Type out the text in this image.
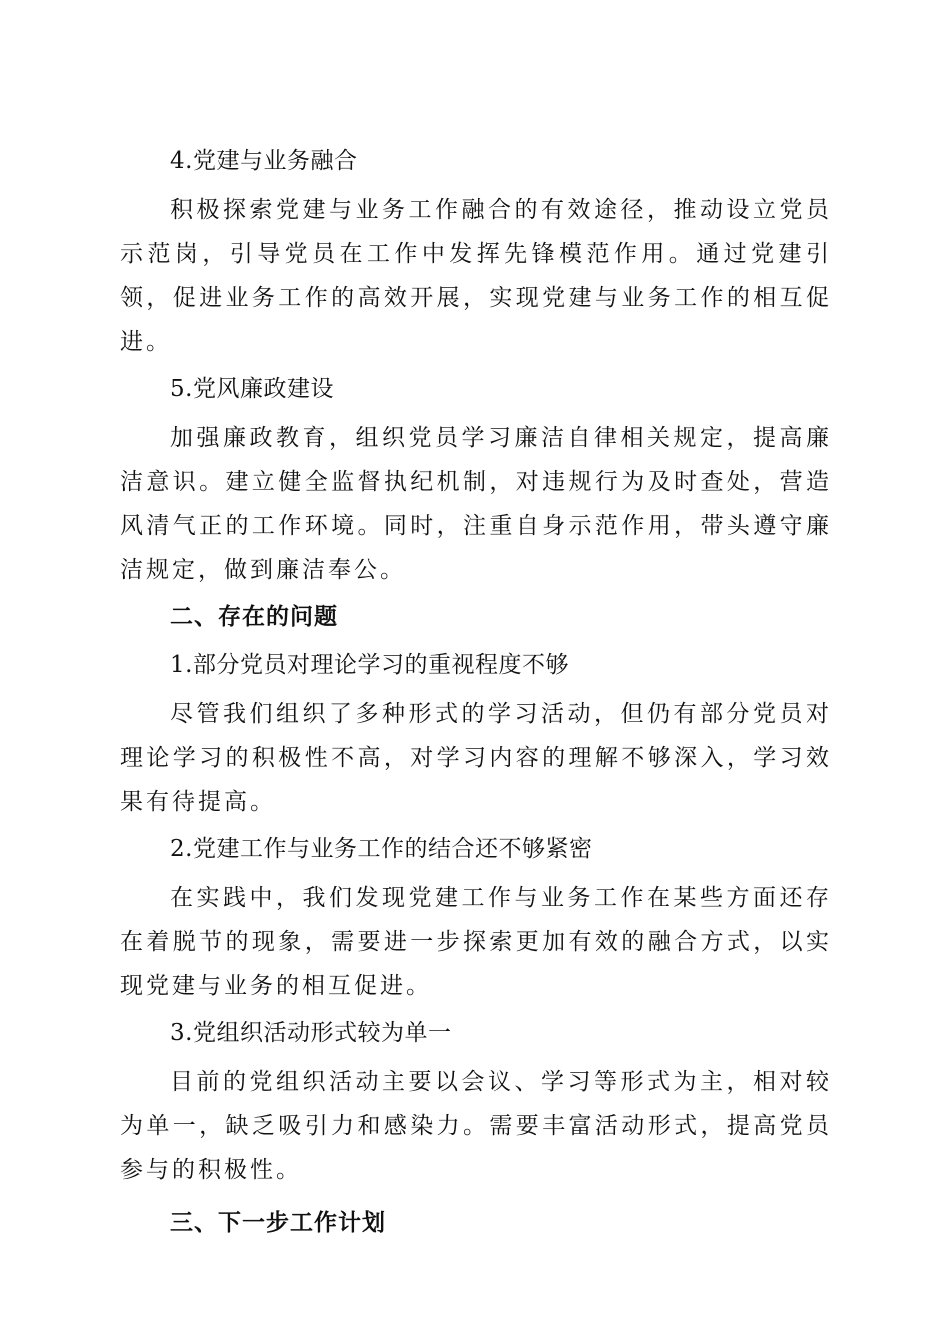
4.党建与业务融合

积极探索党建与业务工作融合的有效途径，推动设立党员示范岗，引导党员在工作中发挥先锋模范作用。通过党建引领，促进业务工作的高效开展，实现党建与业务工作的相互促进。

5.党风廉政建设

加强廉政教育，组织党员学习廉洁自律相关规定，提高廉洁意识。建立健全监督执纪机制，对违规行为及时查处，营造风清气正的工作环境。同时，注重自身示范作用，带头遵守廉洁规定，做到廉洁奉公。

二、存在的问题

1.部分党员对理论学习的重视程度不够

尽管我们组织了多种形式的学习活动，但仍有部分党员对理论学习的积极性不高，对学习内容的理解不够深入，学习效果有待提高。

2.党建工作与业务工作的结合还不够紧密

在实践中，我们发现党建工作与业务工作在某些方面还存在着脱节的现象，需要进一步探索更加有效的融合方式，以实现党建与业务的相互促进。

3.党组织活动形式较为单一

目前的党组织活动主要以会议、学习等形式为主，相对较为单一，缺乏吸引力和感染力。需要丰富活动形式，提高党员参与的积极性。

三、下一步工作计划
